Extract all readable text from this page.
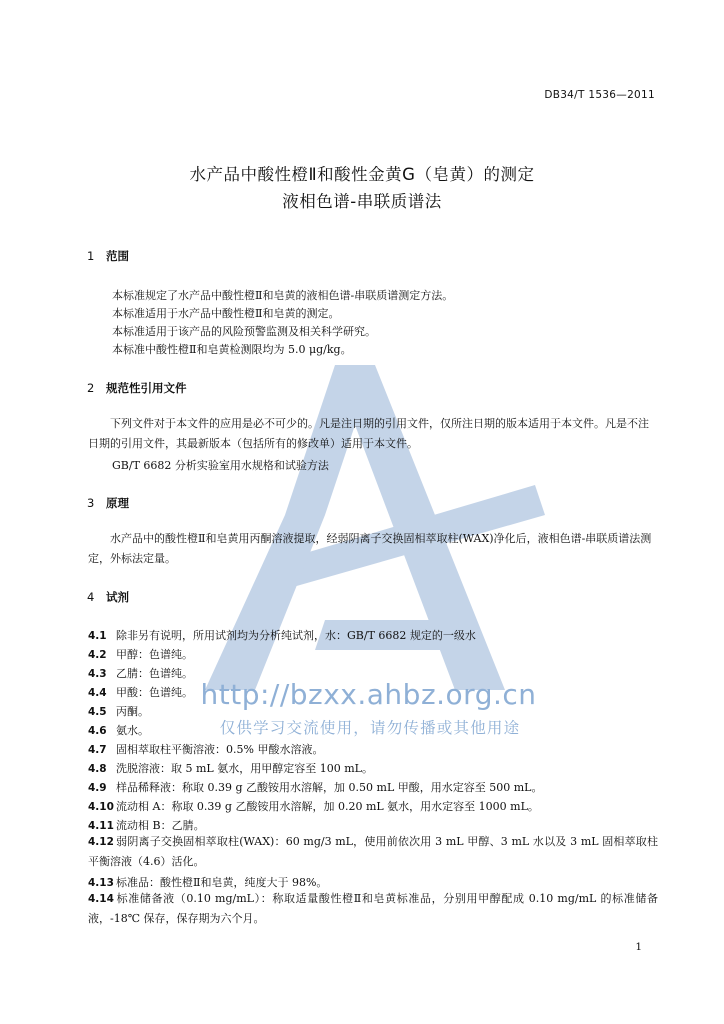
http://bzxx.ahbz.org.cn
仅供学习交流使用，请勿传播或其他用途
DB34/T 1536—2011
水产品中酸性橙Ⅱ和酸性金黄G（皂黄）的测定
液相色谱-串联质谱法
1 范围
本标准规定了水产品中酸性橙Ⅱ和皂黄的液相色谱-串联质谱测定方法。
本标准适用于水产品中酸性橙Ⅱ和皂黄的测定。
本标准适用于该产品的风险预警监测及相关科学研究。
本标准中酸性橙Ⅱ和皂黄检测限均为 5.0 μg/kg。
2 规范性引用文件
下列文件对于本文件的应用是必不可少的。凡是注日期的引用文件，仅所注日期的版本适用于本文件。凡是不注日期的引用文件，其最新版本（包括所有的修改单）适用于本文件。
GB/T 6682 分析实验室用水规格和试验方法
3 原理
水产品中的酸性橙Ⅱ和皂黄用丙酮溶液提取，经弱阴离子交换固相萃取柱(WAX)净化后，液相色谱-串联质谱法测定，外标法定量。
4 试剂
4.1 除非另有说明，所用试剂均为分析纯试剂，水：GB/T 6682 规定的一级水
4.2 甲醇：色谱纯。
4.3 乙腈：色谱纯。
4.4 甲酸：色谱纯。
4.5 丙酮。
4.6 氨水。
4.7 固相萃取柱平衡溶液：0.5% 甲酸水溶液。
4.8 洗脱溶液：取 5 mL 氨水，用甲醇定容至 100 mL。
4.9 样品稀释液：称取 0.39 g 乙酸铵用水溶解，加 0.50 mL 甲酸，用水定容至 500 mL。
4.10 流动相 A：称取 0.39 g 乙酸铵用水溶解，加 0.20 mL 氨水，用水定容至 1000 mL。
4.11 流动相 B：乙腈。
4.12 弱阴离子交换固相萃取柱(WAX)：60 mg/3 mL，使用前依次用 3 mL 甲醇、3 mL 水以及 3 mL 固相萃取柱平衡溶液（4.6）活化。
4.13 标准品：酸性橙Ⅱ和皂黄，纯度大于 98%。
4.14 标准储备液（0.10 mg/mL）：称取适量酸性橙Ⅱ和皂黄标准品，分别用甲醇配成 0.10 mg/mL 的标准储备液，-18℃ 保存，保存期为六个月。
1
